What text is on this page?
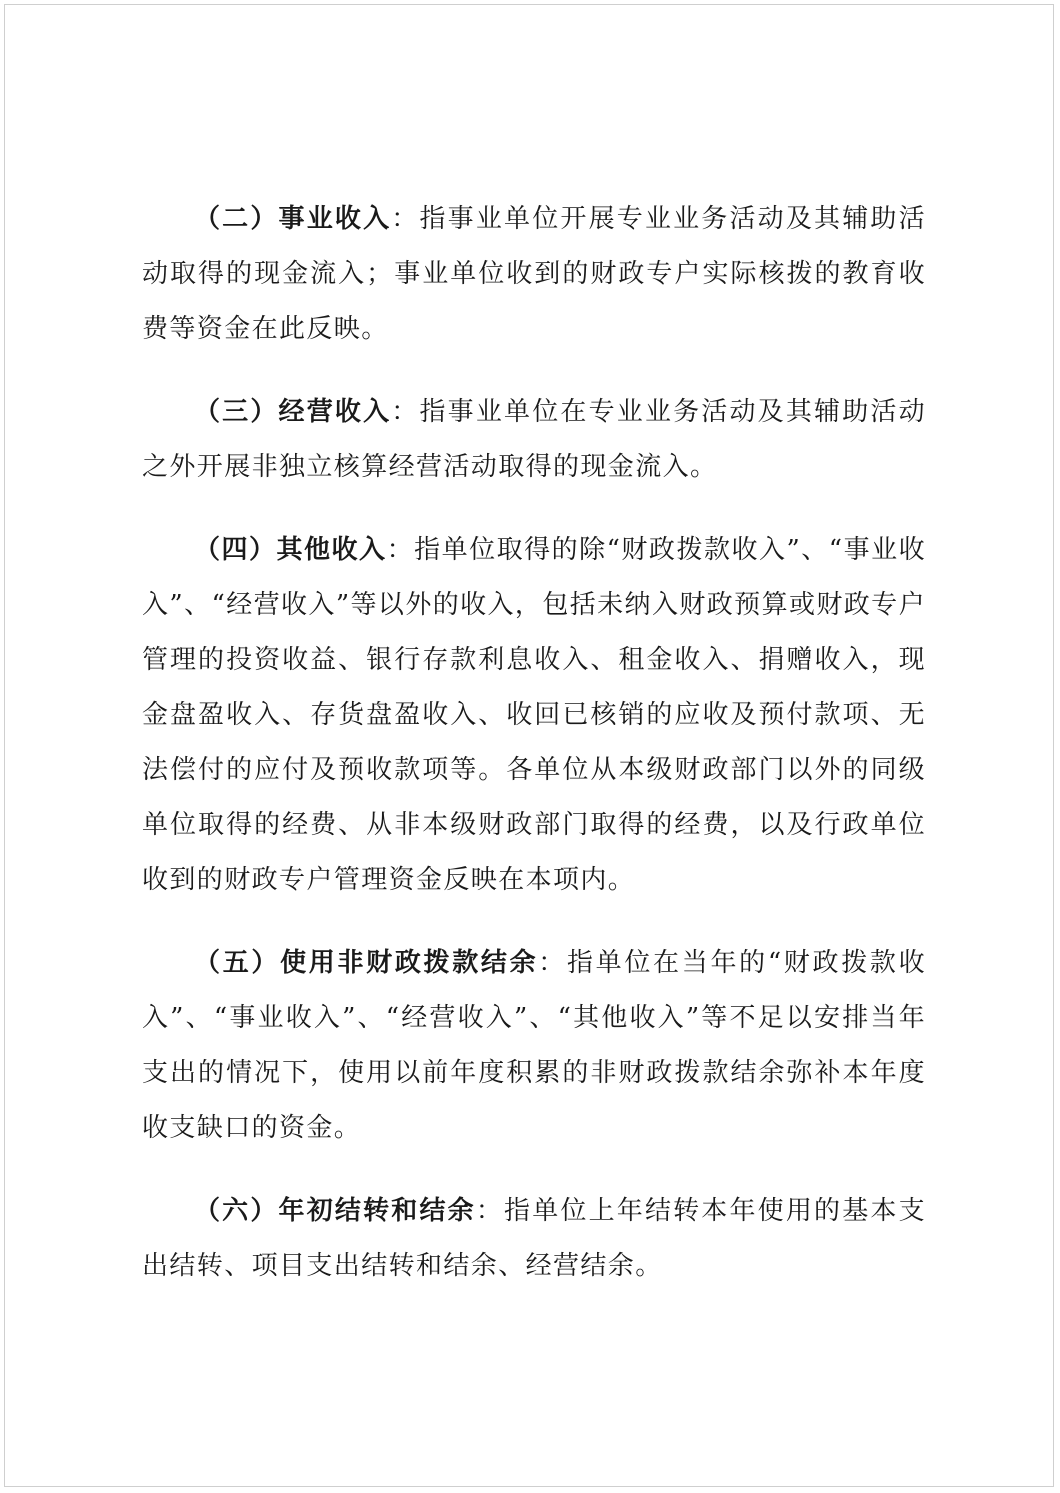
（二）事业收入：指事业单位开展专业业务活动及其辅助活动取得的现金流入；事业单位收到的财政专户实际核拨的教育收费等资金在此反映。

（三）经营收入：指事业单位在专业业务活动及其辅助活动之外开展非独立核算经营活动取得的现金流入。

（四）其他收入：指单位取得的除“财政拨款收入”、“事业收入”、“经营收入”等以外的收入，包括未纳入财政预算或财政专户管理的投资收益、银行存款利息收入、租金收入、捐赠收入，现金盘盈收入、存货盘盈收入、收回已核销的应收及预付款项、无法偿付的应付及预收款项等。各单位从本级财政部门以外的同级单位取得的经费、从非本级财政部门取得的经费，以及行政单位收到的财政专户管理资金反映在本项内。

（五）使用非财政拨款结余：指单位在当年的“财政拨款收入”、“事业收入”、“经营收入”、“其他收入”等不足以安排当年支出的情况下，使用以前年度积累的非财政拨款结余弥补本年度收支缺口的资金。

（六）年初结转和结余：指单位上年结转本年使用的基本支出结转、项目支出结转和结余、经营结余。
